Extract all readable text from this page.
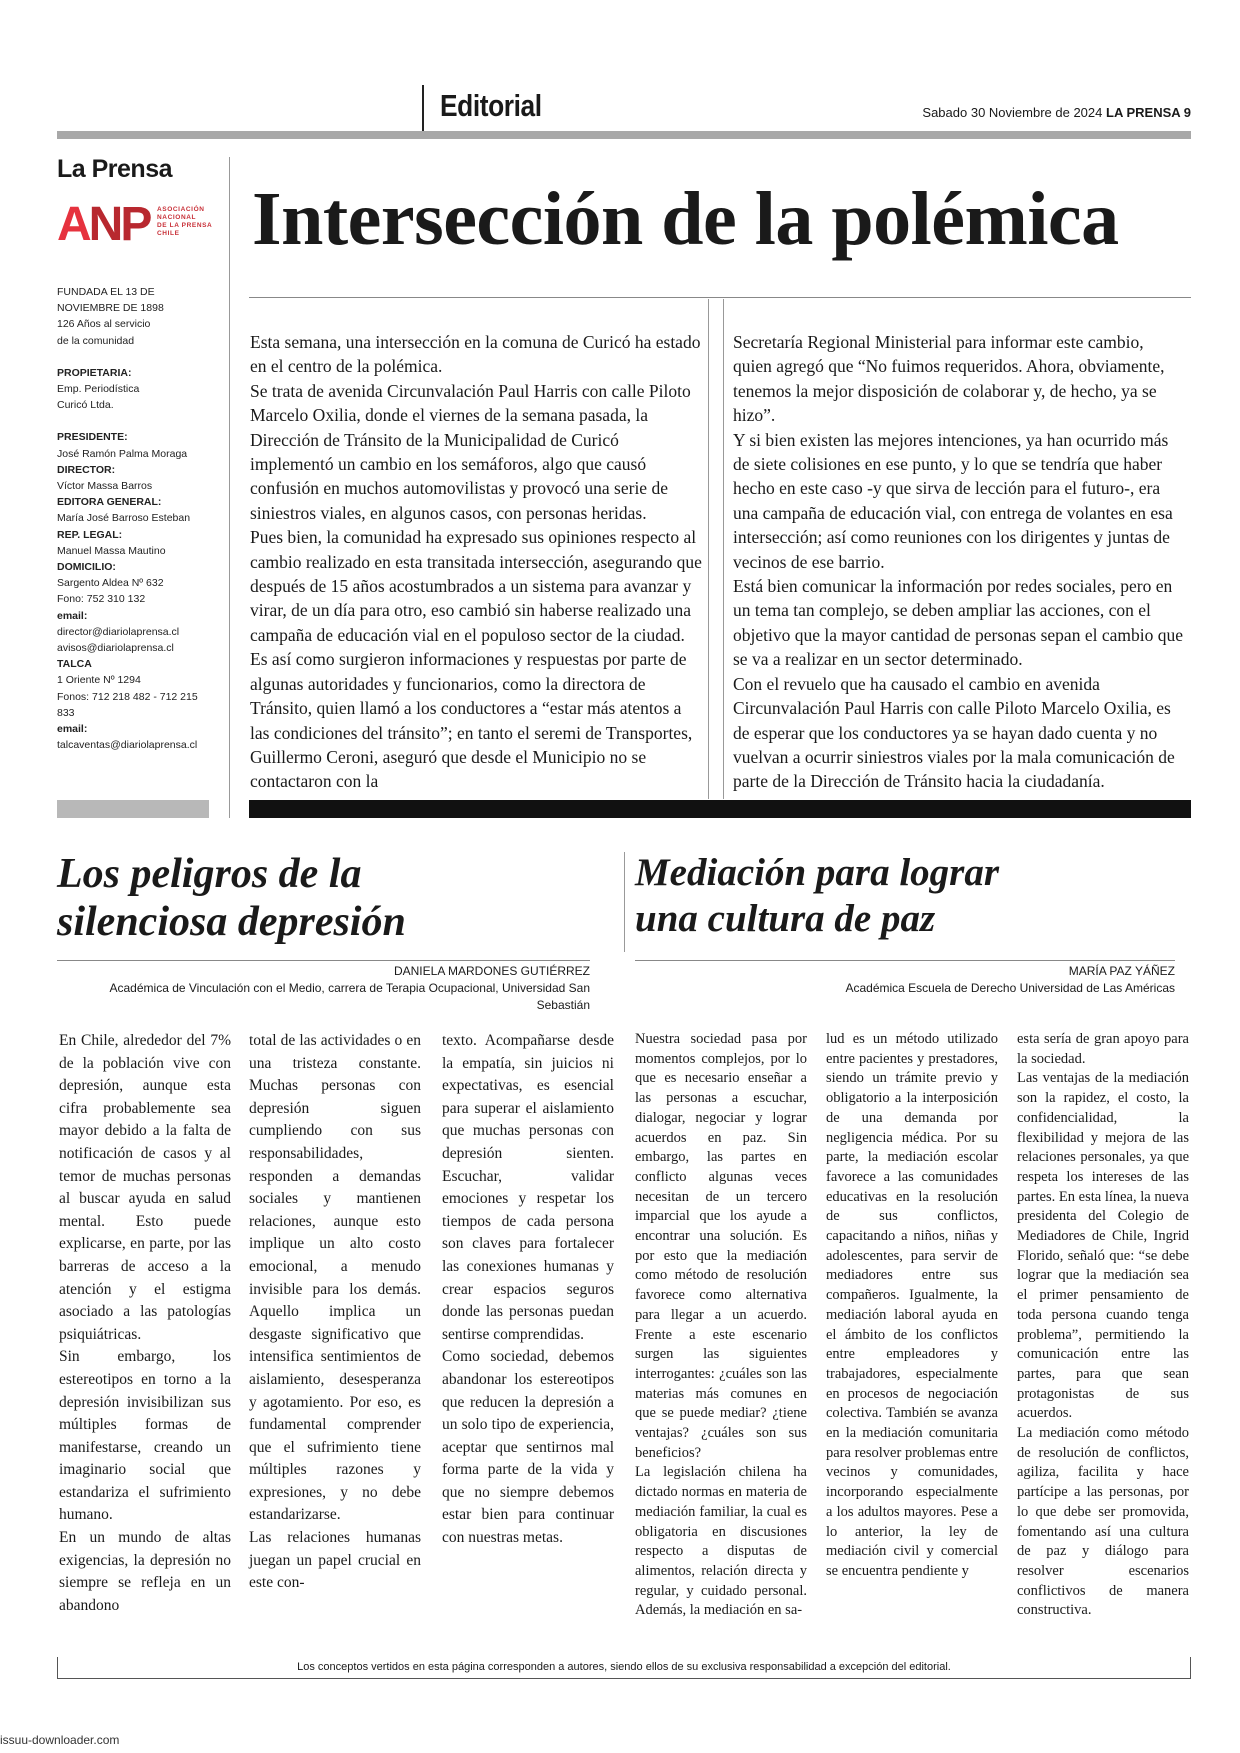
Editorial	Sabado 30 Noviembre de 2024 LA PRENSA 9
La Prensa
ANP ASOCIACIÓN
NACIONAL
DE LA PRENSA
CHILE
FUNDADA EL 13 DE
NOVIEMBRE DE 1898
126 Años al servicio
de la comunidad
PROPIETARIA:
Emp. Periodística
Curicó Ltda.
PRESIDENTE:
José Ramón Palma Moraga
DIRECTOR:
Víctor Massa Barros
EDITORA GENERAL:
María José Barroso Esteban
REP. LEGAL:
Manuel Massa Mautino
DOMICILIO:
Sargento Aldea Nº 632
Fono: 752 310 132
email:
director@diariolaprensa.cl
avisos@diariolaprensa.cl
TALCA
1 Oriente Nº 1294
Fonos: 712 218 482 - 712 215 833
email:
talcaventas@diariolaprensa.cl
Intersección de la polémica

Esta semana, una intersección en la comuna de Curicó ha estado en el centro de la polémica.

Se trata de avenida Circunvalación Paul Harris con calle Piloto Marcelo Oxilia, donde el viernes de la semana pasada, la Dirección de Tránsito de la Municipalidad de Curicó implementó un cambio en los semáforos, algo que causó confusión en muchos automovilistas y provocó una serie de siniestros viales, en algunos casos, con personas heridas.

Pues bien, la comunidad ha expresado sus opiniones respecto al cambio realizado en esta transitada intersección, asegurando que después de 15 años acostumbrados a un sistema para avanzar y virar, de un día para otro, eso cambió sin haberse realizado una campaña de educación vial en el populoso sector de la ciudad.

Es así como surgieron informaciones y respuestas por parte de algunas autoridades y funcionarios, como la directora de Tránsito, quien llamó a los conductores a “estar más atentos a las condiciones del tránsito”; en tanto el seremi de Transportes, Guillermo Ceroni, aseguró que desde el Municipio no se contactaron con la

Secretaría Regional Ministerial para informar este cambio, quien agregó que “No fuimos requeridos. Ahora, obviamente, tenemos la mejor disposición de colaborar y, de hecho, ya se hizo”.

Y si bien existen las mejores intenciones, ya han ocurrido más de siete colisiones en ese punto, y lo que se tendría que haber hecho en este caso -y que sirva de lección para el futuro-, era una campaña de educación vial, con entrega de volantes en esa intersección; así como reuniones con los dirigentes y juntas de vecinos de ese barrio.

Está bien comunicar la información por redes sociales, pero en un tema tan complejo, se deben ampliar las acciones, con el objetivo que la mayor cantidad de personas sepan el cambio que se va a realizar en un sector determinado.

Con el revuelo que ha causado el cambio en avenida Circunvalación Paul Harris con calle Piloto Marcelo Oxilia, es de esperar que los conductores ya se hayan dado cuenta y no vuelvan a ocurrir siniestros viales por la mala comunicación de parte de la Dirección de Tránsito hacia la ciudadanía.

Los peligros de la
silenciosa depresión
DANIELA MARDONES GUTIÉRREZ
Académica de Vinculación con el Medio, carrera de Terapia Ocupacional, Universidad San Sebastián

En Chile, alrededor del 7% de la población vive con depresión, aunque esta cifra probablemente sea mayor debido a la falta de notificación de casos y al temor de muchas personas al buscar ayuda en salud mental. Esto puede explicarse, en parte, por las barreras de acceso a la atención y el estigma asociado a las patologías psiquiátricas.

Sin embargo, los estereotipos en torno a la depresión invisibilizan sus múltiples formas de manifestarse, creando un imaginario social que estandariza el sufrimiento humano.

En un mundo de altas exigencias, la depresión no siempre se refleja en un abandono

total de las actividades o en una tristeza constante. Muchas personas con depresión siguen cumpliendo con sus responsabilidades, responden a demandas sociales y mantienen relaciones, aunque esto implique un alto costo emocional, a menudo invisible para los demás. Aquello implica un desgaste significativo que intensifica sentimientos de aislamiento, desesperanza y agotamiento. Por eso, es fundamental comprender que el sufrimiento tiene múltiples razones y expresiones, y no debe estandarizarse.

Las relaciones humanas juegan un papel crucial en este con-

texto. Acompañarse desde la empatía, sin juicios ni expectativas, es esencial para superar el aislamiento que muchas personas con depresión sienten. Escuchar, validar emociones y respetar los tiempos de cada persona son claves para fortalecer las conexiones humanas y crear espacios seguros donde las personas puedan sentirse comprendidas.

Como sociedad, debemos abandonar los estereotipos que reducen la depresión a un solo tipo de experiencia, aceptar que sentirnos mal forma parte de la vida y que no siempre debemos estar bien para continuar con nuestras metas.

Mediación para lograr
una cultura de paz
MARÍA PAZ YÁÑEZ
Académica Escuela de Derecho Universidad de Las Américas

Nuestra sociedad pasa por momentos complejos, por lo que es necesario enseñar a las personas a escuchar, dialogar, negociar y lograr acuerdos en paz. Sin embargo, las partes en conflicto algunas veces necesitan de un tercero imparcial que los ayude a encontrar una solución. Es por esto que la mediación como método de resolución favorece como alternativa para llegar a un acuerdo. Frente a este escenario surgen las siguientes interrogantes: ¿cuáles son las materias más comunes en que se puede mediar? ¿tiene ventajas? ¿cuáles son sus beneficios?

La legislación chilena ha dictado normas en materia de mediación familiar, la cual es obligatoria en discusiones respecto a disputas de alimentos, relación directa y regular, y cuidado personal. Además, la mediación en sa-

lud es un método utilizado entre pacientes y prestadores, siendo un trámite previo y obligatorio a la interposición de una demanda por negligencia médica. Por su parte, la mediación escolar favorece a las comunidades educativas en la resolución de sus conflictos, capacitando a niños, niñas y adolescentes, para servir de mediadores entre sus compañeros. Igualmente, la mediación laboral ayuda en el ámbito de los conflictos entre empleadores y trabajadores, especialmente en procesos de negociación colectiva. También se avanza en la mediación comunitaria para resolver problemas entre vecinos y comunidades, incorporando especialmente a los adultos mayores. Pese a lo anterior, la ley de mediación civil y comercial se encuentra pendiente y

esta sería de gran apoyo para la sociedad.

Las ventajas de la mediación son la rapidez, el costo, la confidencialidad, la flexibilidad y mejora de las relaciones personales, ya que respeta los intereses de las partes. En esta línea, la nueva presidenta del Colegio de Mediadores de Chile, Ingrid Florido, señaló que: “se debe lograr que la mediación sea el primer pensamiento de toda persona cuando tenga problema”, permitiendo la comunicación entre las partes, para que sean protagonistas de sus acuerdos.

La mediación como método de resolución de conflictos, agiliza, facilita y hace partícipe a las personas, por lo que debe ser promovida, fomentando así una cultura de paz y diálogo para resolver escenarios conflictivos de manera constructiva.

Los conceptos vertidos en esta página corresponden a autores, siendo ellos de su exclusiva responsabilidad a excepción del editorial.
issuu-downloader.com
